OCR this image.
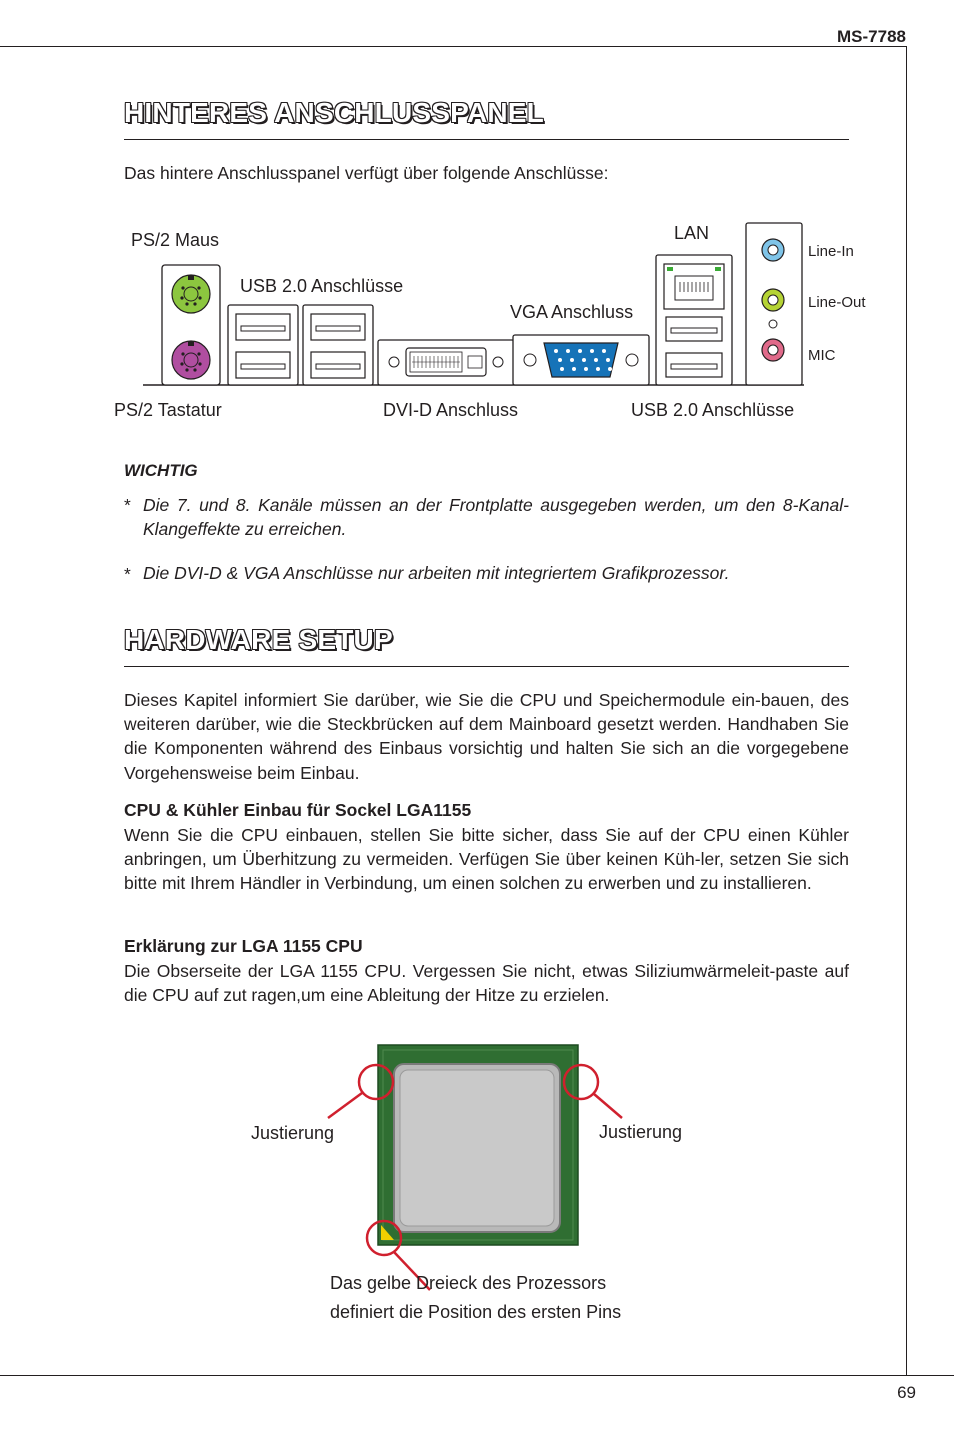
MS-7788
HINTERES ANSCHLUSSPANEL
Das hintere Anschlusspanel verfügt über folgende Anschlüsse:
PS/2 Maus
USB 2.0 Anschlüsse
VGA Anschluss
LAN
Line-In
Line-Out
MIC
PS/2 Tastatur	DVI-D Anschluss	USB 2.0 Anschlüsse
WICHTIG
* Die 7. und 8. Kanäle müssen an der Frontplatte ausgegeben werden, um den 8-Kanal-Klangeffekte zu erreichen.
* Die DVI-D & VGA Anschlüsse nur arbeiten mit integriertem Grafikprozessor.
HARDWARE SETUP
Dieses Kapitel informiert Sie darüber, wie Sie die CPU und Speichermodule ein-bauen, des weiteren darüber, wie die Steckbrücken auf dem Mainboard gesetzt werden. Handhaben Sie die Komponenten während des Einbaus vorsichtig und halten Sie sich an die vorgegebene Vorgehensweise beim Einbau.
CPU & Kühler Einbau für Sockel LGA1155
Wenn Sie die CPU einbauen, stellen Sie bitte sicher, dass Sie auf der CPU einen Kühler anbringen, um Überhitzung zu vermeiden. Verfügen Sie über keinen Küh-ler, setzen Sie sich bitte mit Ihrem Händler in Verbindung, um einen solchen zu erwerben und zu installieren.
Erklärung zur LGA 1155 CPU
Die Obserseite der LGA 1155 CPU. Vergessen Sie nicht, etwas Siliziumwärmeleit-paste auf die CPU auf zut ragen,um eine Ableitung der Hitze zu erzielen.
Justierung	Justierung
Das gelbe Dreieck des Prozessors
definiert die Position des ersten Pins
69
